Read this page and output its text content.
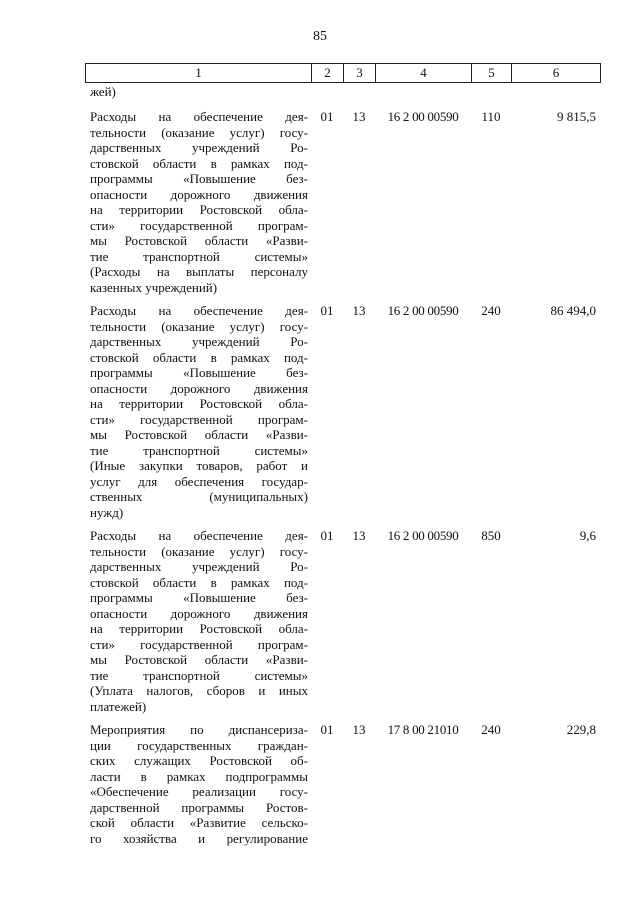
85
1	2	3	4	5	6
жей)
Расходы на обеспечение дея-
тельности (оказание услуг) госу-
дарственных учреждений Ро-
стовской области в рамках под-
программы «Повышение без-
опасности дорожного движения
на территории Ростовской обла-
сти» государственной програм-
мы Ростовской области «Разви-
тие транспортной системы»
(Расходы на выплаты персоналу
казенных учреждений)
01	13	16 2 00 00590	110	9 815,5
Расходы на обеспечение дея-
тельности (оказание услуг) госу-
дарственных учреждений Ро-
стовской области в рамках под-
программы «Повышение без-
опасности дорожного движения
на территории Ростовской обла-
сти» государственной програм-
мы Ростовской области «Разви-
тие транспортной системы»
(Иные закупки товаров, работ и
услуг для обеспечения государ-
ственных (муниципальных)
нужд)
01	13	16 2 00 00590	240	86 494,0
Расходы на обеспечение дея-
тельности (оказание услуг) госу-
дарственных учреждений Ро-
стовской области в рамках под-
программы «Повышение без-
опасности дорожного движения
на территории Ростовской обла-
сти» государственной програм-
мы Ростовской области «Разви-
тие транспортной системы»
(Уплата налогов, сборов и иных
платежей)
01	13	16 2 00 00590	850	9,6
Мероприятия по диспансериза-
ции государственных граждан-
ских служащих Ростовской об-
ласти в рамках подпрограммы
«Обеспечение реализации госу-
дарственной программы Ростов-
ской области «Развитие сельско-
го хозяйства и регулирование
01	13	17 8 00 21010	240	229,8
